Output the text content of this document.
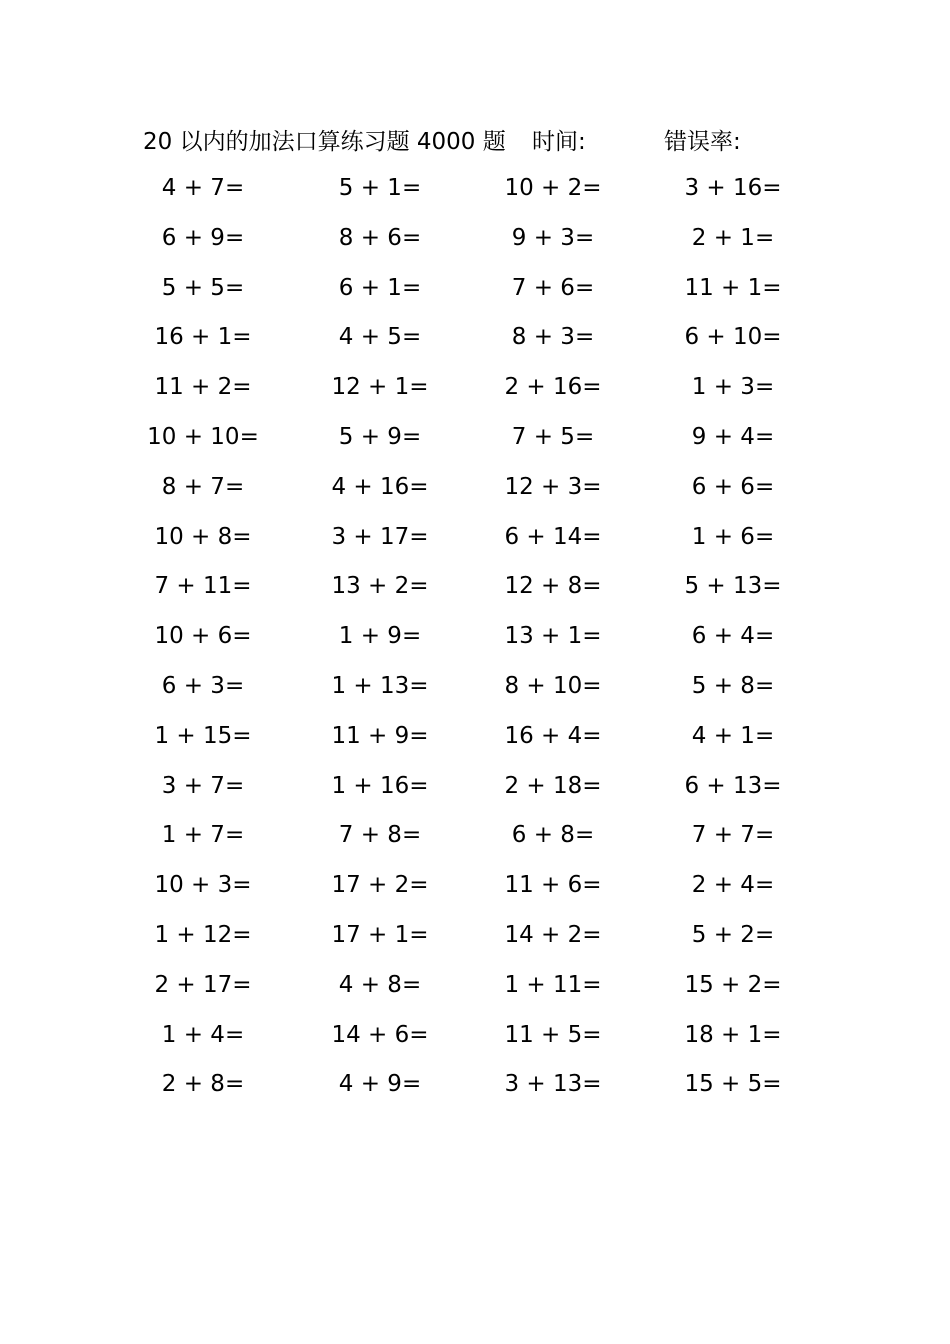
20 以内的加法口算练习题 4000 题 时间:	错误率:
4 + 7=	5 + 1=	10 + 2=	3 + 16=
6 + 9=	8 + 6=	9 + 3=	2 + 1=
5 + 5=	6 + 1=	7 + 6=	11 + 1=
16 + 1=	4 + 5=	8 + 3=	6 + 10=
11 + 2=	12 + 1=	2 + 16=	1 + 3=
10 + 10=	5 + 9=	7 + 5=	9 + 4=
8 + 7=	4 + 16=	12 + 3=	6 + 6=
10 + 8=	3 + 17=	6 + 14=	1 + 6=
7 + 11=	13 + 2=	12 + 8=	5 + 13=
10 + 6=	1 + 9=	13 + 1=	6 + 4=
6 + 3=	1 + 13=	8 + 10=	5 + 8=
1 + 15=	11 + 9=	16 + 4=	4 + 1=
3 + 7=	1 + 16=	2 + 18=	6 + 13=
1 + 7=	7 + 8=	6 + 8=	7 + 7=
10 + 3=	17 + 2=	11 + 6=	2 + 4=
1 + 12=	17 + 1=	14 + 2=	5 + 2=
2 + 17=	4 + 8=	1 + 11=	15 + 2=
1 + 4=	14 + 6=	11 + 5=	18 + 1=
2 + 8=	4 + 9=	3 + 13=	15 + 5=
